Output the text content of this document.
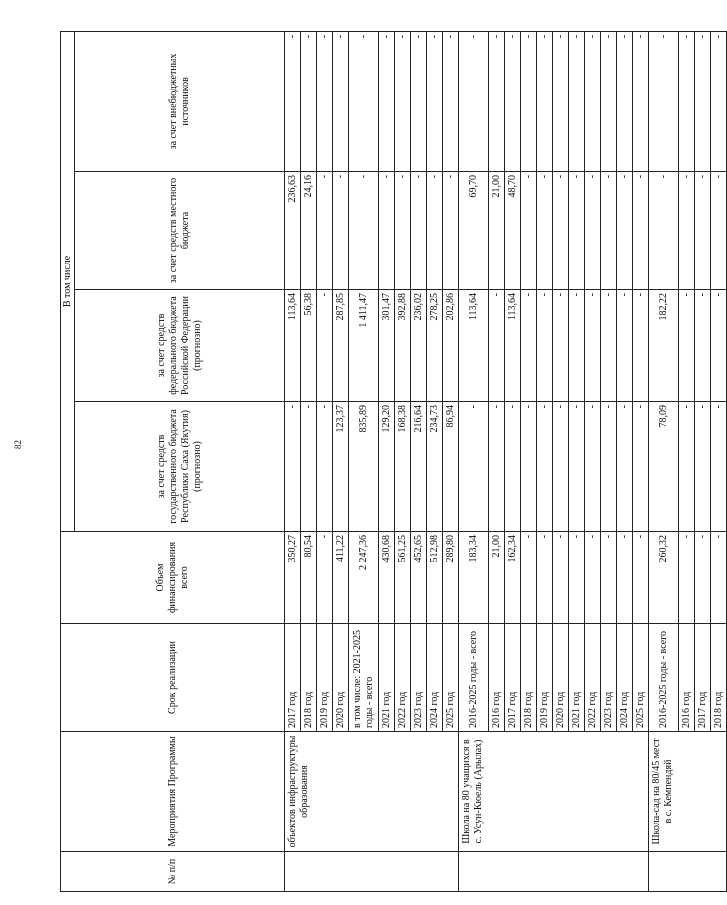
82
№ п/п	Мероприятия Программы	Срок реализации	Объем финансирования всего	В том числе			
				за счет средств государственного бюджета Республики Саха (Якутия) (прогнозно)	за счет средств федерального бюджета Российской Федерации (прогнозно)	за счет средств местного бюджета	за счет внебюджетных источников
	объектов инфраструктуры образования	2017 год	350,27	-	113,64	236,63	-
		2018 год	80,54	-	56,38	24,16	-
		2019 год	-	-	-	-	-
		2020 год	411,22	123,37	287,85	-	-
		в том числе: 2021-2025 годы - всего	2 247,36	835,89	1 411,47	-	-
		2021 год	430,68	129,20	301,47	-	-
		2022 год	561,25	168,38	392,88	-	-
		2023 год	452,65	216,64	236,02	-	-
		2024 год	512,98	234,73	278,25	-	-
		2025 год	289,80	86,94	202,86	-	-
	Школа на 80 учащихся в с. Усун-Кюель (Арылах)	2016-2025 годы - всего	183,34	-	113,64	69,70	-
		2016 год	21,00	-	-	21,00	-
		2017 год	162,34	-	113,64	48,70	-
		2018 год	-	-	-	-	-
		2019 год	-	-	-	-	-
		2020 год	-	-	-	-	-
		2021 год	-	-	-	-	-
		2022 год	-	-	-	-	-
		2023 год	-	-	-	-	-
		2024 год	-	-	-	-	-
		2025 год	-	-	-	-	-
	Школа-сад на 80/45 мест в с. Кемпендяй	2016-2025 годы - всего	260,32	78,09	182,22	-	-
		2016 год	-	-	-	-	-
		2017 год	-	-	-	-	-
		2018 год	-	-	-	-	-
